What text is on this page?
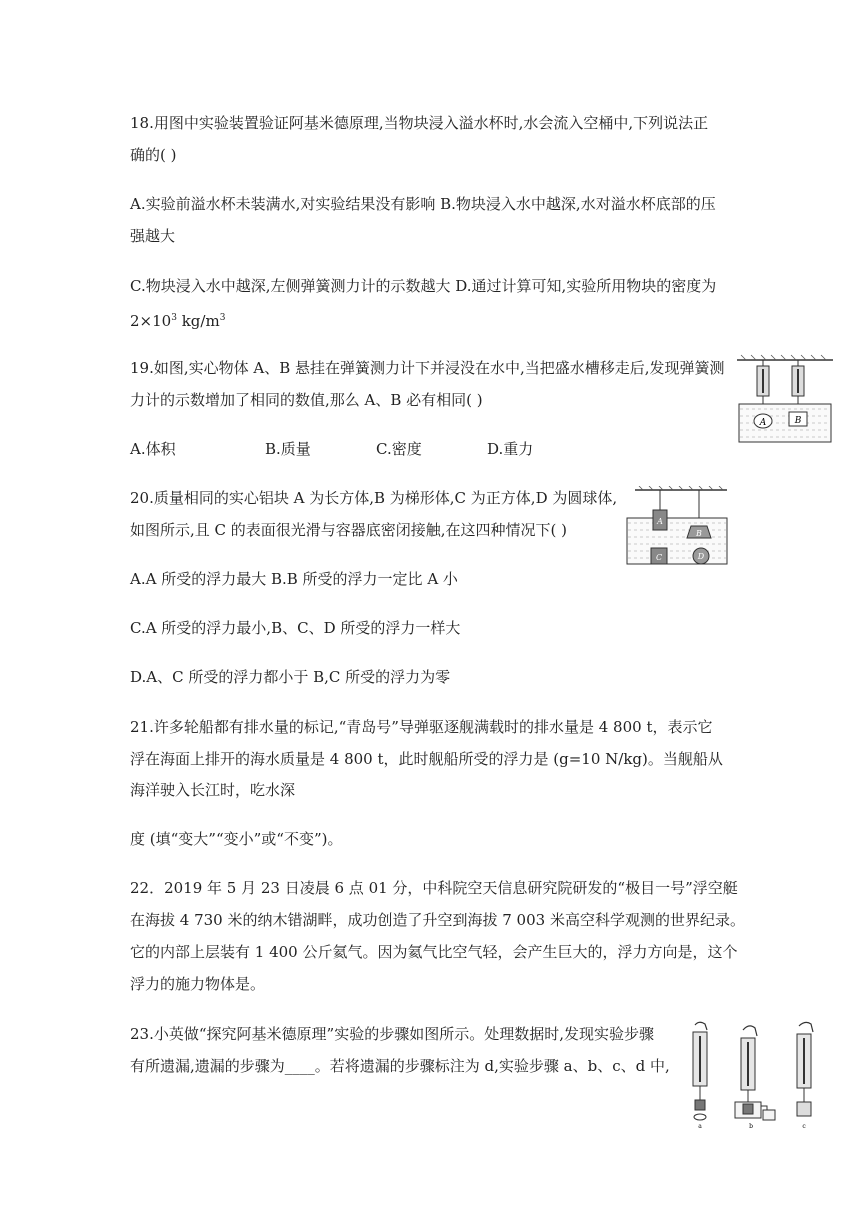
18.用图中实验装置验证阿基米德原理,当物块浸入溢水杯时,水会流入空桶中,下列说法正
确的( )
A.实验前溢水杯未装满水,对实验结果没有影响 B.物块浸入水中越深,水对溢水杯底部的压
强越大
C.物块浸入水中越深,左侧弹簧测力计的示数越大 D.通过计算可知,实验所用物块的密度为
$2\times 10^3$ $kg/m^3$
19.如图,实心物体 A、B 悬挂在弹簧测力计下并浸没在水中,当把盛水槽移走后,发现弹簧测
力计的示数增加了相同的数值,那么 A、B 必有相同( )
A.体积	B.质量	C.密度	D.重力
A	B
20.质量相同的实心铝块 A 为长方体,B 为梯形体,C 为正方体,D 为圆球体,
如图所示,且 C 的表面很光滑与容器底密闭接触,在这四种情况下( )
A.A 所受的浮力最大 B.B 所受的浮力一定比 A 小
C.A 所受的浮力最小,B、C、D 所受的浮力一样大
D.A、C 所受的浮力都小于 B,C 所受的浮力为零
A
B
C	D
21.许多轮船都有排水量的标记,“青岛号”导弹驱逐舰满载时的排水量是 4 800 t，表示它
浮在海面上排开的海水质量是 4 800 t，此时舰船所受的浮力是 (g=10 N/kg)。当舰船从
海洋驶入长江时，吃水深
度 (填“变大”“变小”或“不变”)。
22．2019 年 5 月 23 日凌晨 6 点 01 分，中科院空天信息研究院研发的“极目一号”浮空艇
在海拔 4 730 米的纳木错湖畔，成功创造了升空到海拔 7 003 米高空科学观测的世界纪录。
它的内部上层装有 1 400 公斤氦气。因为氦气比空气轻，会产生巨大的，浮力方向是，这个
浮力的施力物体是。
23.小英做“探究阿基米德原理”实验的步骤如图所示。处理数据时,发现实验步骤
有所遗漏,遗漏的步骤为____。若将遗漏的步骤标注为 d,实验步骤 a、b、c、d 中,
a	b	c
